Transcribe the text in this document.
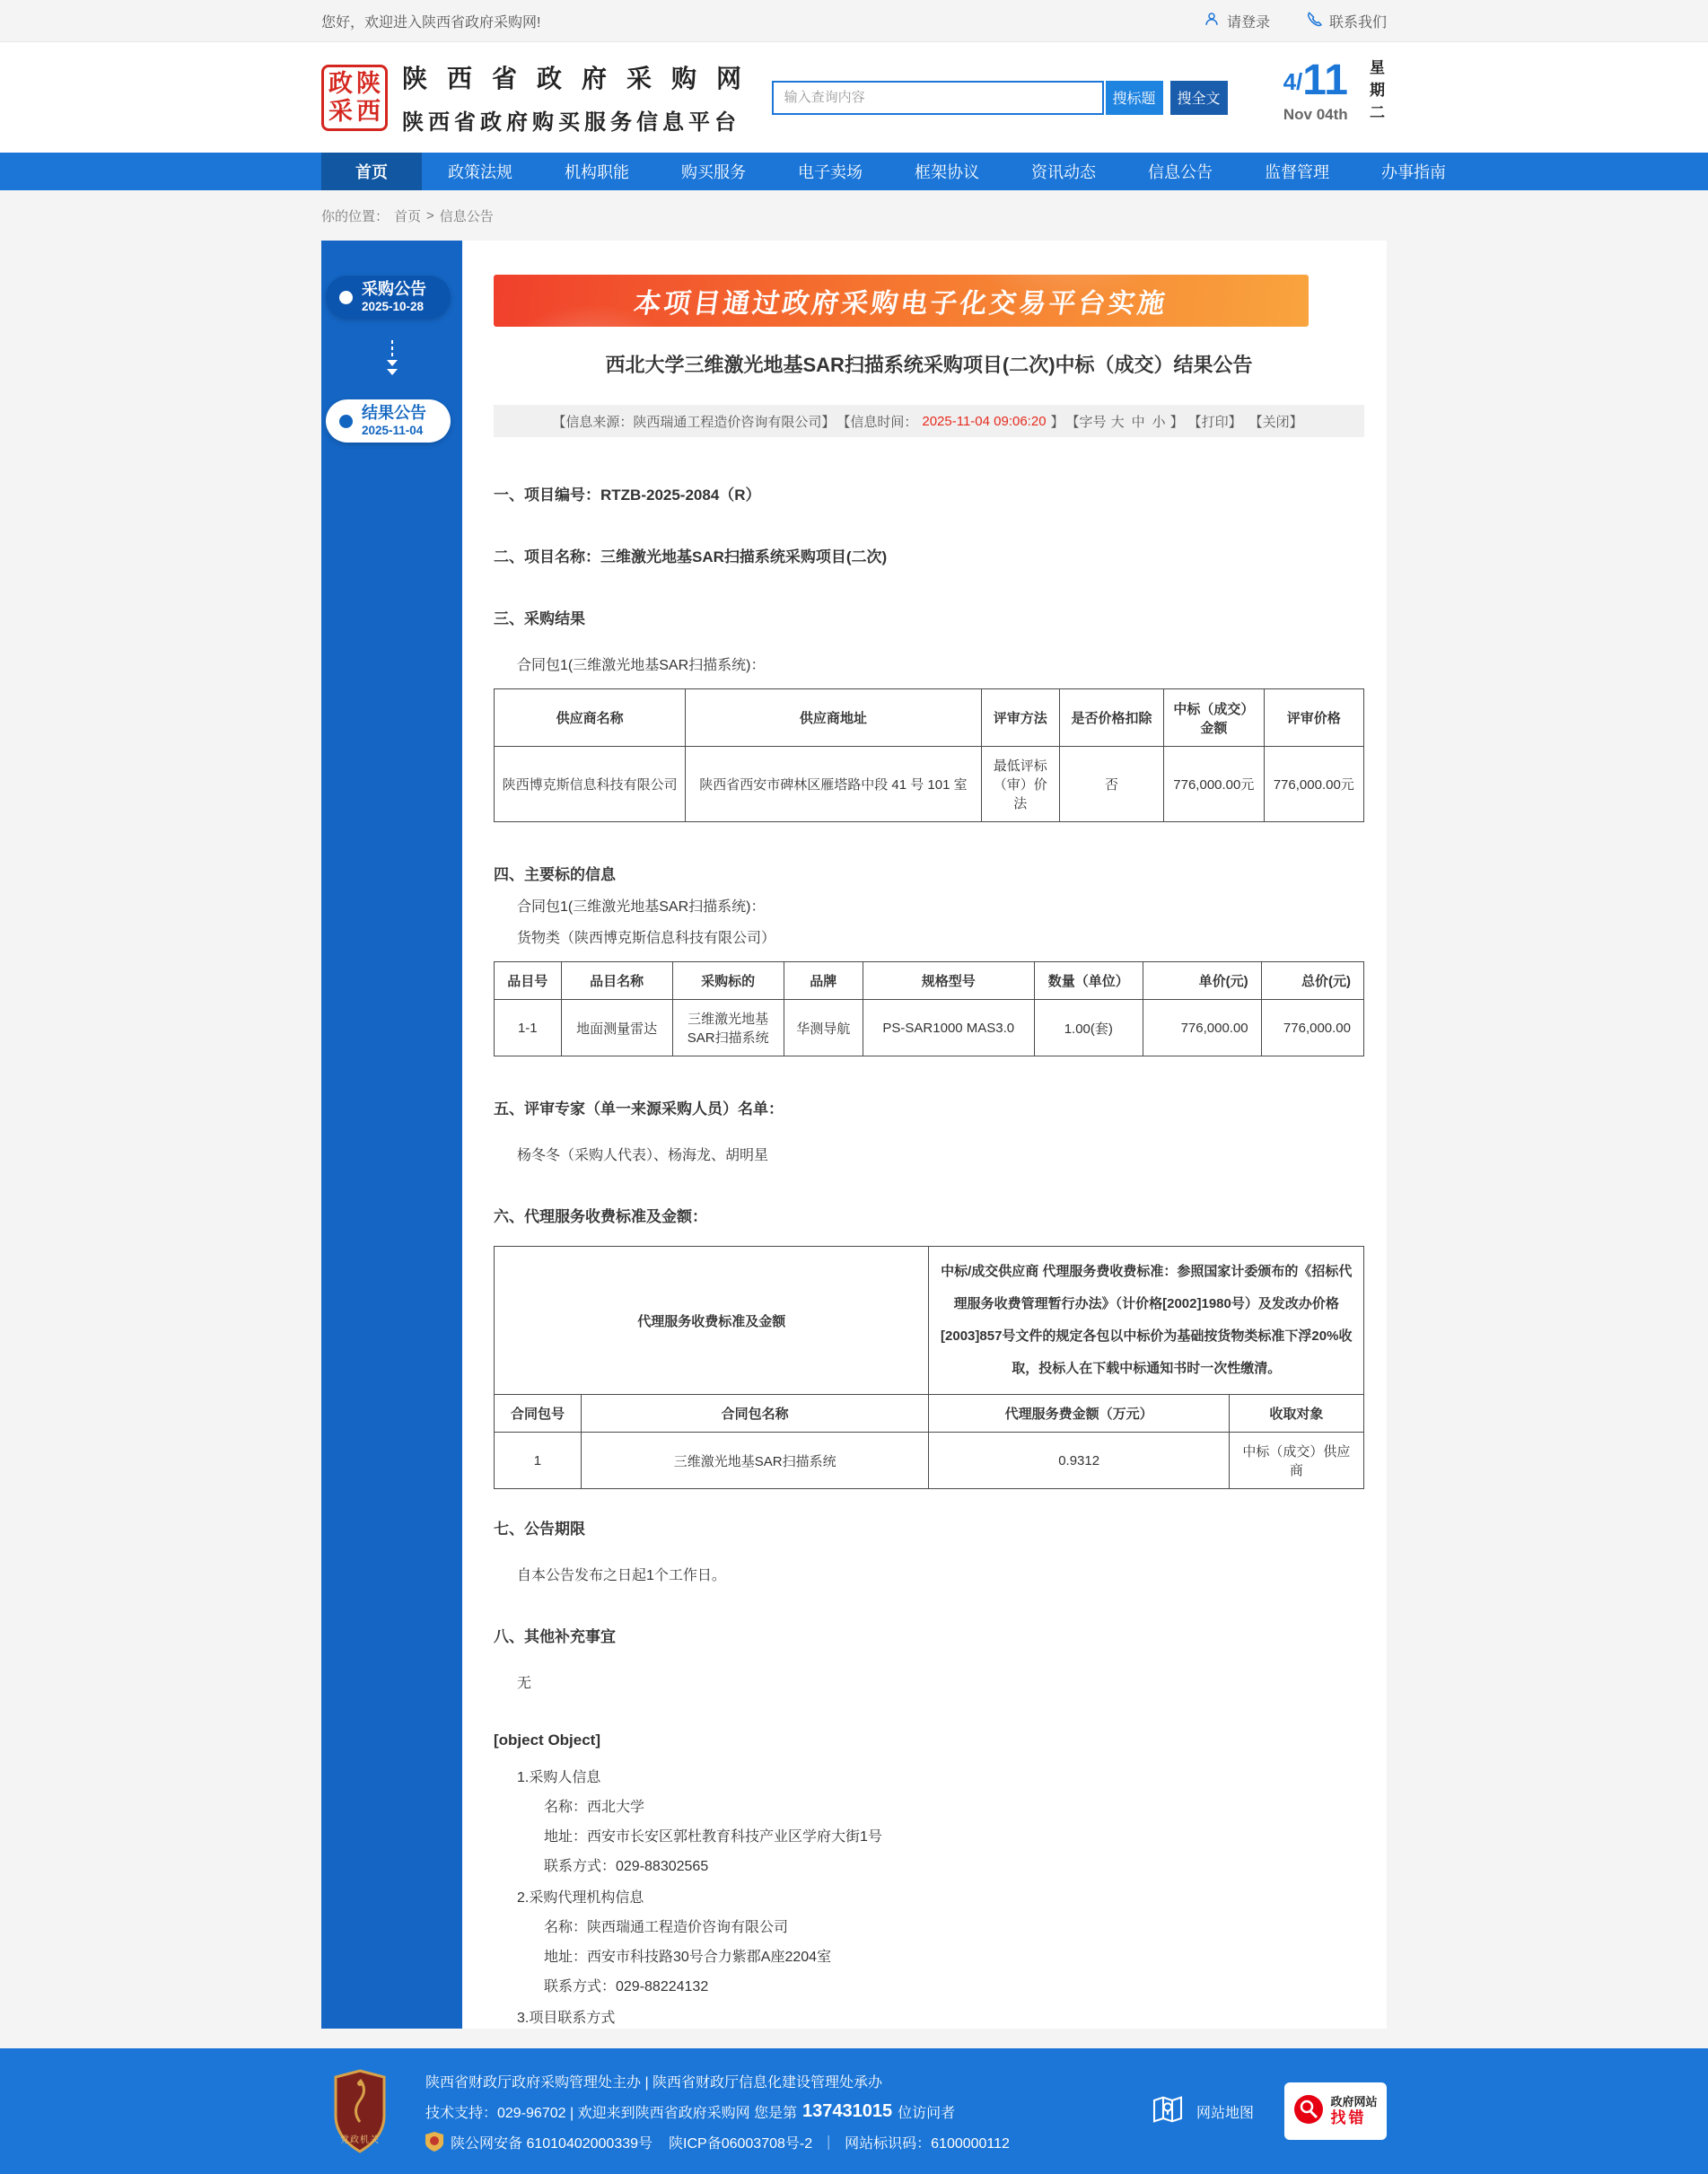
您好，欢迎进入陕西省政府采购网!	请登录	联系我们
政 陕
采 西
陕西省政府采购网
陕西省政府购买服务信息平台
输入查询内容
搜标题	搜全文
4/ 11
Nov 04th 星期二
首页	政策法规	机构职能	购买服务	电子卖场	框架协议	资讯动态	信息公告	监督管理	办事指南
你的位置： 首页 > 信息公告
采购公告
2025-10-28
结果公告
2025-11-04
本项目通过政府采购电子化交易平台实施
西北大学三维激光地基SAR扫描系统采购项目(二次)中标（成交）结果公告
【信息来源：陕西瑞通工程造价咨询有限公司】 【信息时间： 2025-11-04 09:06:20 】 【字号 大 中 小 】 【打印】 【关闭】
一、项目编号：RTZB-2025-2084（R）
二、项目名称：三维激光地基SAR扫描系统采购项目(二次)
三、采购结果
合同包1(三维激光地基SAR扫描系统)：
供应商名称	供应商地址	评审方法	是否价格扣除	中标（成交）金额	评审价格
陕西博克斯信息科技有限公司	陕西省西安市碑林区雁塔路中段 41 号 101 室	最低评标（审）价法	否	776,000.00元	776,000.00元
四、主要标的信息
合同包1(三维激光地基SAR扫描系统)：
货物类（陕西博克斯信息科技有限公司）
品目号	品目名称	采购标的	品牌	规格型号	数量（单位）	单价(元)	总价(元)
1-1	地面测量雷达	三维激光地基SAR扫描系统	华测导航	PS-SAR1000 MAS3.0	1.00(套)	776,000.00	776,000.00
五、评审专家（单一来源采购人员）名单：
杨冬冬（采购人代表）、杨海龙、胡明星
六、代理服务收费标准及金额：
代理服务收费标准及金额		中标/成交供应商 代理服务费收费标准：参照国家计委颁布的《招标代理服务收费管理暂行办法》（计价格[2002]1980号）及发改办价格[2003]857号文件的规定各包以中标价为基础按货物类标准下浮20%收取，投标人在下载中标通知书时一次性缴清。	
合同包号	合同包名称	代理服务费金额（万元）	收取对象
1	三维激光地基SAR扫描系统	0.9312	中标（成交）供应商
七、公告期限
自本公告发布之日起1个工作日。
八、其他补充事宜
无
[object Object]
1.采购人信息
名称：西北大学
地址：西安市长安区郭杜教育科技产业区学府大街1号
联系方式：029-88302565
2.采购代理机构信息
名称：陕西瑞通工程造价咨询有限公司
地址：西安市科技路30号合力紫郡A座2204室
联系方式：029-88224132
3.项目联系方式
党政机关
陕西省财政厅政府采购管理处主办 | 陕西省财政厅信息化建设管理处承办
技术支持：029-96702 | 欢迎来到陕西省政府采购网 您是第 137431015 位访问者
陕公网安备 61010402000339号 陕ICP备06003708号-2 ｜ 网站标识码：6100000112
网站地图
政府网站
找错
